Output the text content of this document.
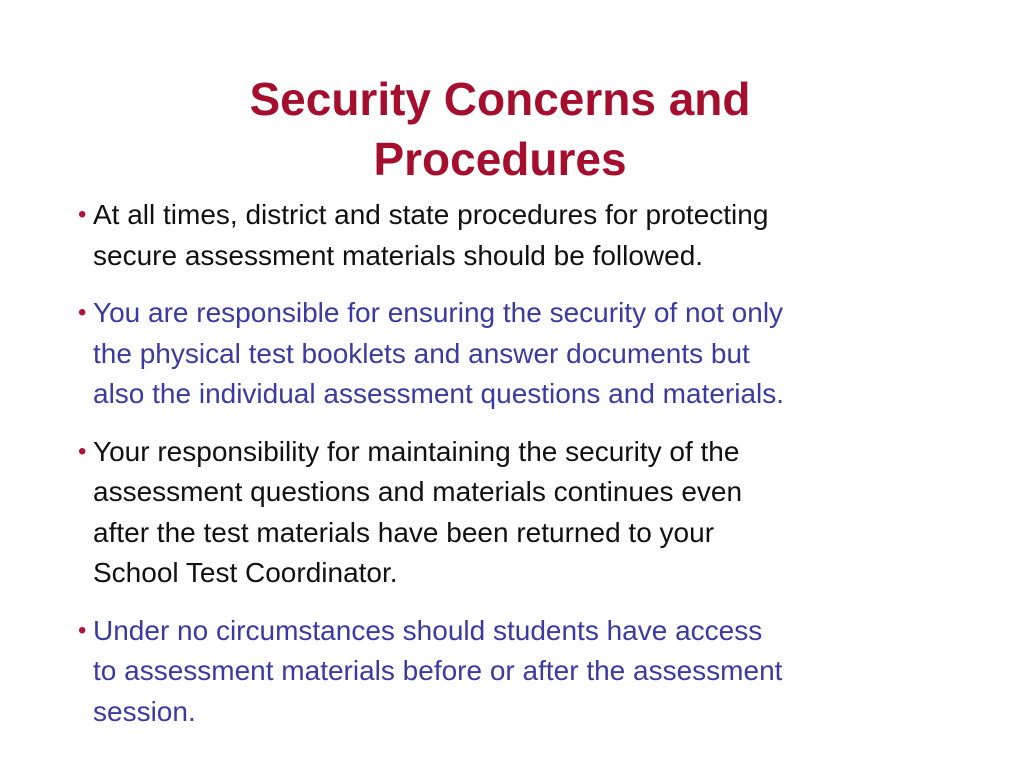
Security Concerns and
Procedures
• At all times, district and state procedures for protecting
secure assessment materials should be followed.
• You are responsible for ensuring the security of not only
the physical test booklets and answer documents but
also the individual assessment questions and materials.
• Your responsibility for maintaining the security of the
assessment questions and materials continues even
after the test materials have been returned to your
School Test Coordinator.
• Under no circumstances should students have access
to assessment materials before or after the assessment
session.
